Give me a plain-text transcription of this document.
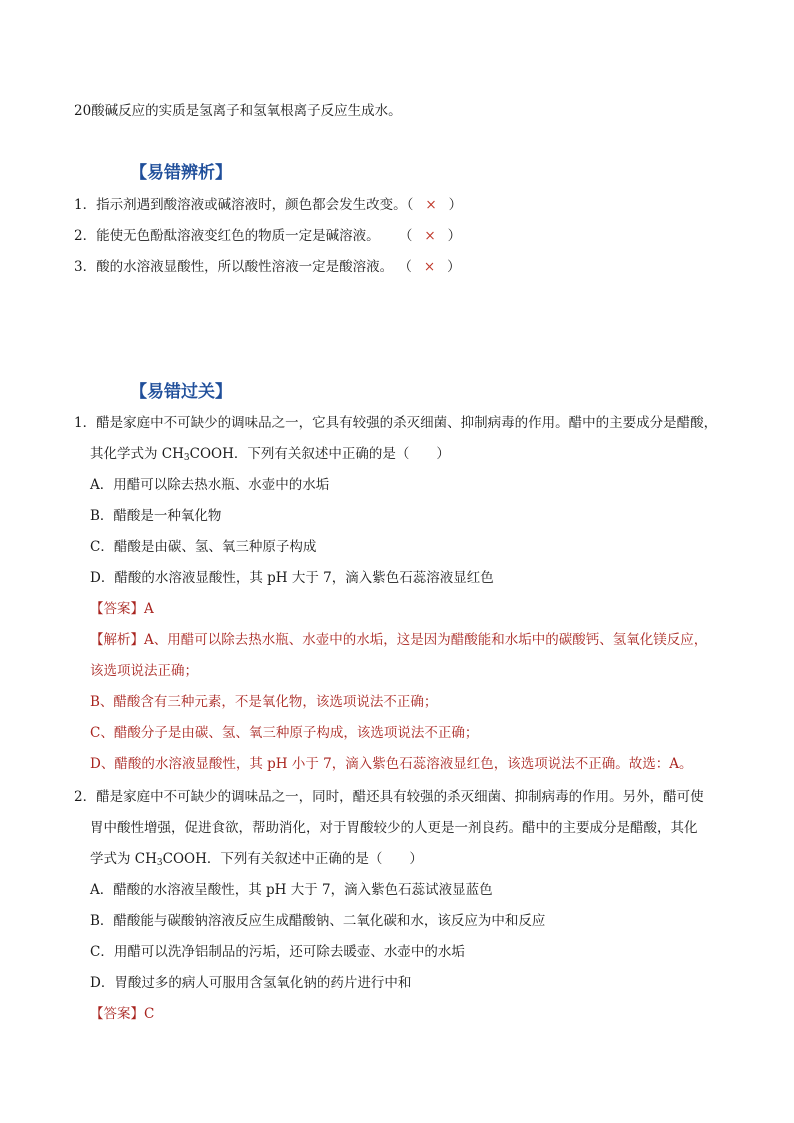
20酸碱反应的实质是氢离子和氢氧根离子反应生成水。
【易错辨析】
1．指示剂遇到酸溶液或碱溶液时，颜色都会发生改变。（ × ）
2．能使无色酚酞溶液变红色的物质一定是碱溶液。 （ × ）
3．酸的水溶液显酸性，所以酸性溶液一定是酸溶液。 （ × ）
【易错过关】
1．醋是家庭中不可缺少的调味品之一，它具有较强的杀灭细菌、抑制病毒的作用。醋中的主要成分是醋酸，
其化学式为 $CH_3COOH$．下列有关叙述中正确的是（　　）
A．用醋可以除去热水瓶、水壶中的水垢
B．醋酸是一种氧化物
C．醋酸是由碳、氢、氧三种原子构成
D．醋酸的水溶液显酸性，其 pH 大于 7，滴入紫色石蕊溶液显红色
【答案】A
【解析】A、用醋可以除去热水瓶、水壶中的水垢，这是因为醋酸能和水垢中的碳酸钙、氢氧化镁反应，
该选项说法正确；
B、醋酸含有三种元素，不是氧化物，该选项说法不正确；
C、醋酸分子是由碳、氢、氧三种原子构成，该选项说法不正确；
D、醋酸的水溶液显酸性，其 pH 小于 7，滴入紫色石蕊溶液显红色，该选项说法不正确。故选：A。
2．醋是家庭中不可缺少的调味品之一，同时，醋还具有较强的杀灭细菌、抑制病毒的作用。另外，醋可使
胃中酸性增强，促进食欲，帮助消化，对于胃酸较少的人更是一剂良药。醋中的主要成分是醋酸，其化
学式为 $CH_3COOH$．下列有关叙述中正确的是（　　）
A．醋酸的水溶液呈酸性，其 pH 大于 7，滴入紫色石蕊试液显蓝色
B．醋酸能与碳酸钠溶液反应生成醋酸钠、二氧化碳和水，该反应为中和反应
C．用醋可以洗净铝制品的污垢，还可除去暖壶、水壶中的水垢
D．胃酸过多的病人可服用含氢氧化钠的药片进行中和
【答案】C
